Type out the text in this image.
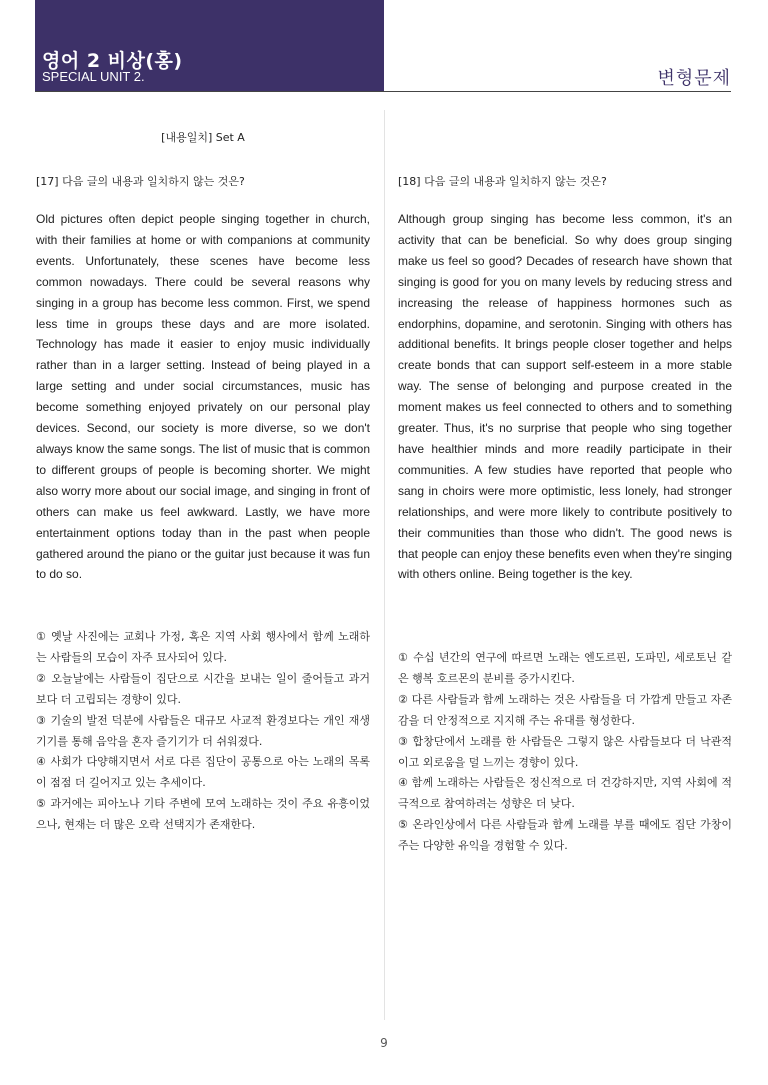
영어 2 비상(홍)
SPECIAL UNIT 2.	변형문제
[내용일치] Set A
[17] 다음 글의 내용과 일치하지 않는 것은?

Old pictures often depict people singing together in church, with their families at home or with companions at community events. Unfortunately, these scenes have become less common nowadays. There could be several reasons why singing in a group has become less common. First, we spend less time in groups these days and are more isolated. Technology has made it easier to enjoy music individually rather than in a larger setting. Instead of being played in a large setting and under social circumstances, music has become something enjoyed privately on our personal play devices. Second, our society is more diverse, so we don't always know the same songs. The list of music that is common to different groups of people is becoming shorter. We might also worry more about our social image, and singing in front of others can make us feel awkward. Lastly, we have more entertainment options today than in the past when people gathered around the piano or the guitar just because it was fun to do so.

① 옛날 사진에는 교회나 가정, 혹은 지역 사회 행사에서 함께 노래하는 사람들의 모습이 자주 묘사되어 있다.
② 오늘날에는 사람들이 집단으로 시간을 보내는 일이 줄어들고 과거보다 더 고립되는 경향이 있다.
③ 기술의 발전 덕분에 사람들은 대규모 사교적 환경보다는 개인 재생 기기를 통해 음악을 혼자 즐기기가 더 쉬워졌다.
④ 사회가 다양해지면서 서로 다른 집단이 공통으로 아는 노래의 목록이 점점 더 길어지고 있는 추세이다.
⑤ 과거에는 피아노나 기타 주변에 모여 노래하는 것이 주요 유흥이었으나, 현재는 더 많은 오락 선택지가 존재한다.
[18] 다음 글의 내용과 일치하지 않는 것은?

Although group singing has become less common, it's an activity that can be beneficial. So why does group singing make us feel so good? Decades of research have shown that singing is good for you on many levels by reducing stress and increasing the release of happiness hormones such as endorphins, dopamine, and serotonin. Singing with others has additional benefits. It brings people closer together and helps create bonds that can support self-esteem in a more stable way. The sense of belonging and purpose created in the moment makes us feel connected to others and to something greater. Thus, it's no surprise that people who sing together have healthier minds and more readily participate in their communities. A few studies have reported that people who sang in choirs were more optimistic, less lonely, had stronger relationships, and were more likely to contribute positively to their communities than those who didn't. The good news is that people can enjoy these benefits even when they're singing with others online. Being together is the key.

① 수십 년간의 연구에 따르면 노래는 엔도르핀, 도파민, 세로토닌 같은 행복 호르몬의 분비를 증가시킨다.
② 다른 사람들과 함께 노래하는 것은 사람들을 더 가깝게 만들고 자존감을 더 안정적으로 지지해 주는 유대를 형성한다.
③ 합창단에서 노래를 한 사람들은 그렇지 않은 사람들보다 더 낙관적이고 외로움을 덜 느끼는 경향이 있다.
④ 함께 노래하는 사람들은 정신적으로 더 건강하지만, 지역 사회에 적극적으로 참여하려는 성향은 더 낮다.
⑤ 온라인상에서 다른 사람들과 함께 노래를 부를 때에도 집단 가창이 주는 다양한 유익을 경험할 수 있다.
9
